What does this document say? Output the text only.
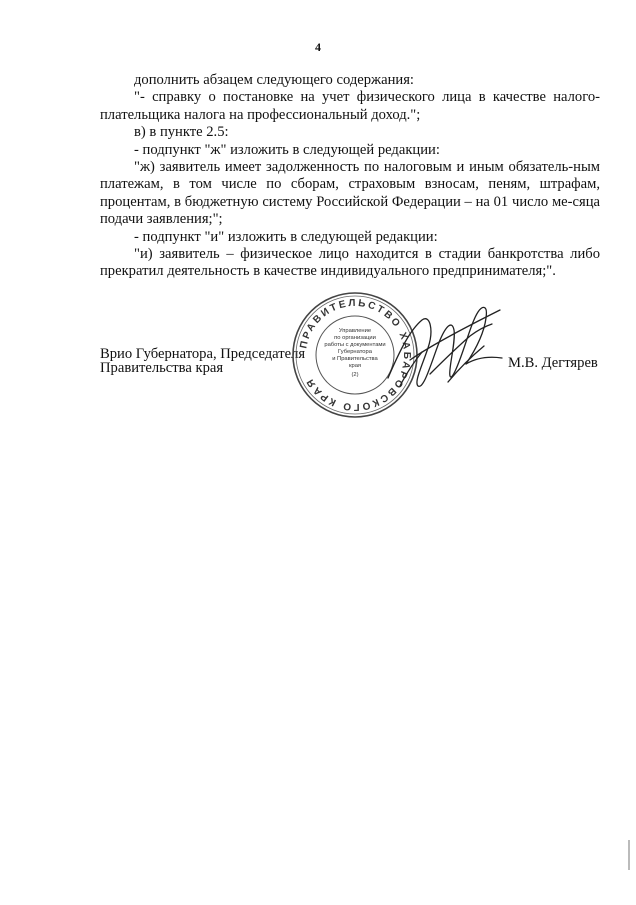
4

дополнить абзацем следующего содержания:

"- справку о постановке на учет физического лица в качестве налого-плательщика налога на профессиональный доход.";

в) в пункте 2.5:

- подпункт "ж" изложить в следующей редакции:

"ж) заявитель имеет задолженность по налоговым и иным обязатель-ным платежам, в том числе по сборам, страховым взносам, пеням, штрафам, процентам, в бюджетную систему Российской Федерации – на 01 число ме-сяца подачи заявления;";

- подпункт "и" изложить в следующей редакции:

"и) заявитель – физическое лицо находится в стадии банкротства либо прекратил деятельность в качестве индивидуального предпринимателя;".

Врио Губернатора, Председателя
Правительства края	М.В. Дегтярев
ПРАВИТЕЛЬСТВО ХАБАРОВСКОГО КРАЯ
Управление
по организации
работы с документами
Губернатора
и Правительства
края
(2)
